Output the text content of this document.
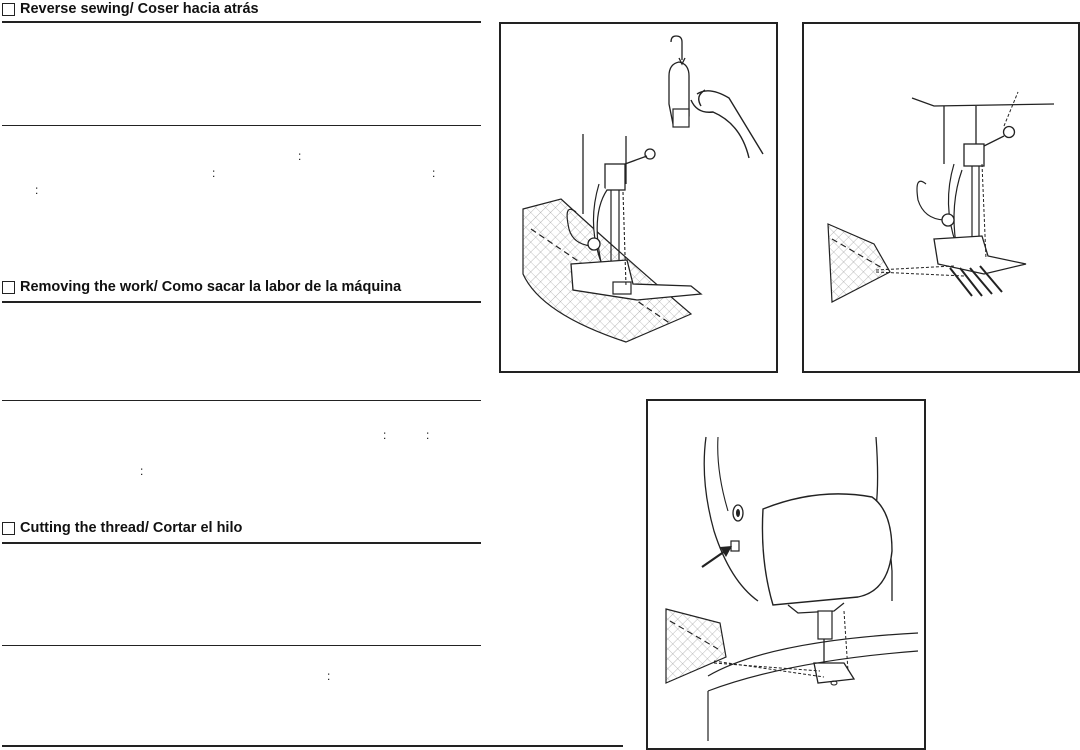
Reverse sewing/ Coser hacia atrás
:
:	:
:
Removing the work/ Como sacar la labor de la máquina
:	:
:
Cutting the thread/ Cortar el hilo
:
